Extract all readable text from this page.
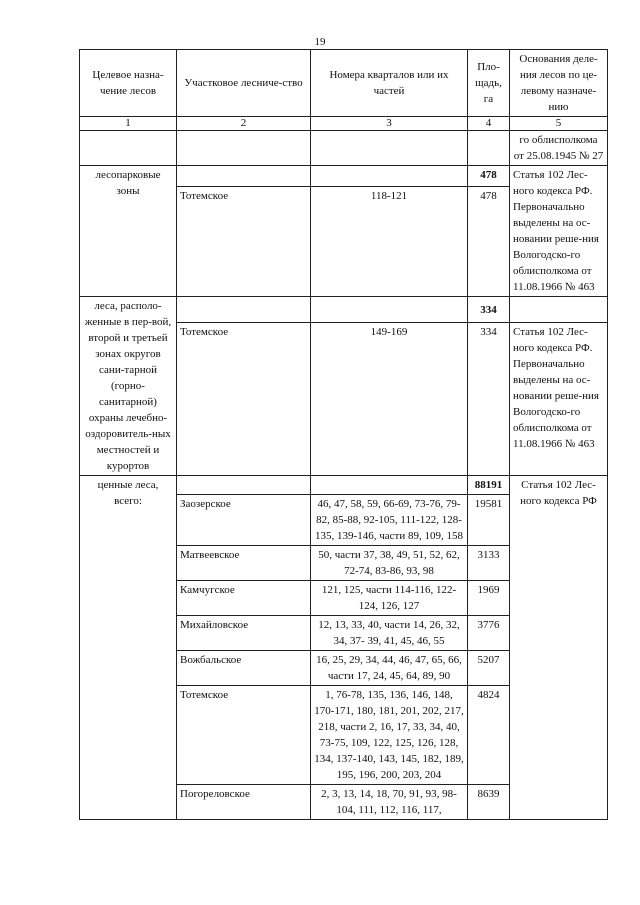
19
Целевое назна-чение лесов	Участковое лесниче-ство	Номера кварталов или их частей	Пло-щадь, га	Основания деле-ния лесов по це-левому назначе-нию
1	2	3	4	5
				го облисполкома от 25.08.1945 № 27
лесопарковые зоны			478	Статья 102 Лес-ного кодекса РФ. Первоначально выделены на ос-новании реше-ния Вологодско-го облисполкома от 11.08.1966 № 463
	Тотемское	118-121	478	
леса, располо-женные в пер-вой, второй и третьей зонах округов сани-тарной (горно-санитарной) охраны лечебно-оздоровитель-ных местностей и курортов			334	
	Тотемское	149-169	334	Статья 102 Лес-ного кодекса РФ. Первоначально выделены на ос-новании реше-ния Вологодско-го облисполкома от 11.08.1966 № 463
ценные леса, всего:			88191	Статья 102 Лес-ного кодекса РФ
	Заозерское	46, 47, 58, 59, 66-69, 73-76, 79-82, 85-88, 92-105, 111-122, 128-135, 139-146, части 89, 109, 158	19581	
	Матвеевское	50, части 37, 38, 49, 51, 52, 62, 72-74, 83-86, 93, 98	3133	
	Камчугское	121, 125, части 114-116, 122-124, 126, 127	1969	
	Михайловское	12, 13, 33, 40, части 14, 26, 32, 34, 37- 39, 41, 45, 46, 55	3776	
	Вожбальское	16, 25, 29, 34, 44, 46, 47, 65, 66, части 17, 24, 45, 64, 89, 90	5207	
	Тотемское	1, 76-78, 135, 136, 146, 148, 170-171, 180, 181, 201, 202, 217, 218, части 2, 16, 17, 33, 34, 40, 73-75, 109, 122, 125, 126, 128, 134, 137-140, 143, 145, 182, 189, 195, 196, 200, 203, 204	4824	
	Погореловское	2, 3, 13, 14, 18, 70, 91, 93, 98-104, 111, 112, 116, 117,	8639	
